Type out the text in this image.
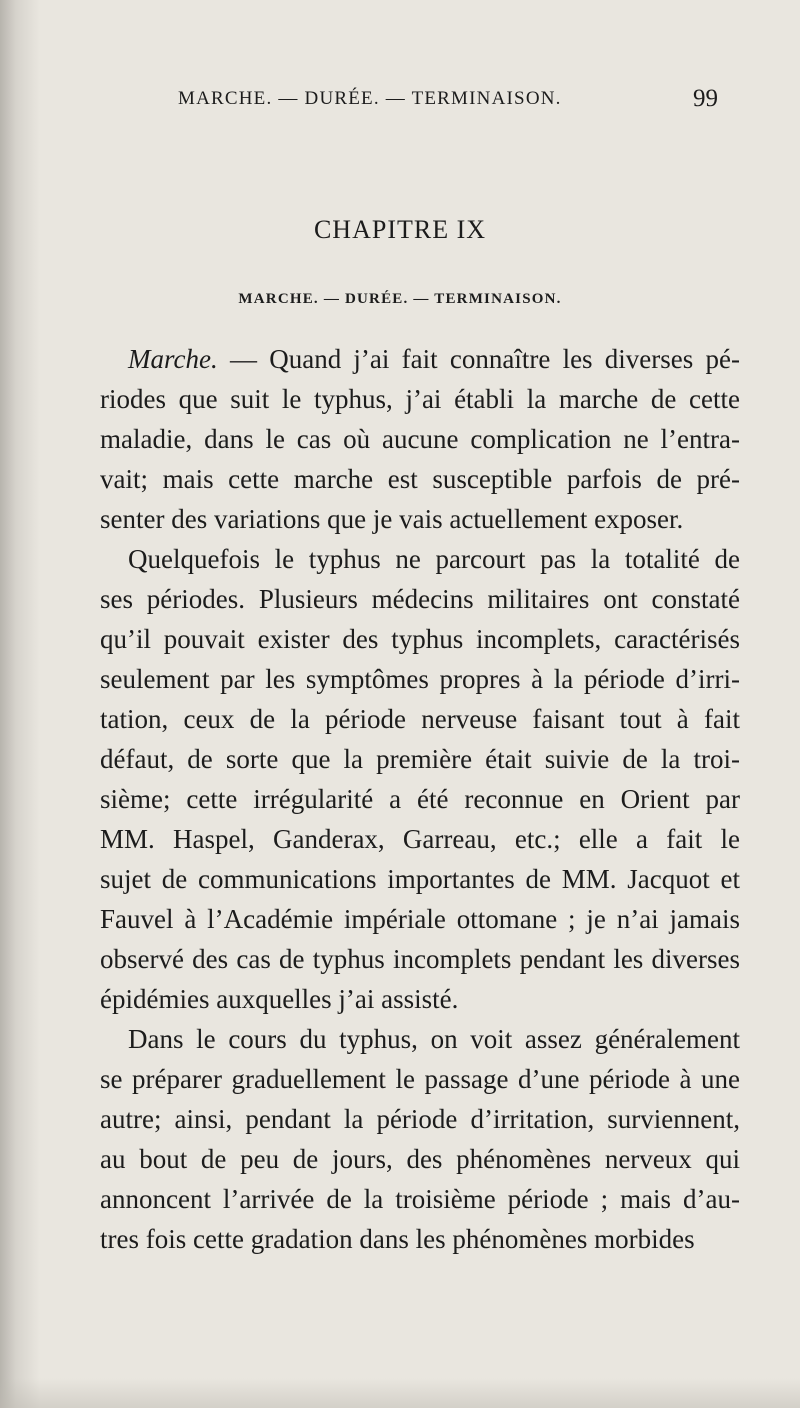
MARCHE. — DURÉE. — TERMINAISON.	99
CHAPITRE IX
MARCHE. — DURÉE. — TERMINAISON.
Marche. — Quand j’ai fait connaître les diverses pé-
riodes que suit le typhus, j’ai établi la marche de cette
maladie, dans le cas où aucune complication ne l’entra-
vait; mais cette marche est susceptible parfois de pré-
senter des variations que je vais actuellement exposer.
Quelquefois le typhus ne parcourt pas la totalité de
ses périodes. Plusieurs médecins militaires ont constaté
qu’il pouvait exister des typhus incomplets, caractérisés
seulement par les symptômes propres à la période d’irri-
tation, ceux de la période nerveuse faisant tout à fait
défaut, de sorte que la première était suivie de la troi-
sième; cette irrégularité a été reconnue en Orient par
MM. Haspel, Ganderax, Garreau, etc.; elle a fait le
sujet de communications importantes de MM. Jacquot et
Fauvel à l’Académie impériale ottomane ; je n’ai jamais
observé des cas de typhus incomplets pendant les diverses
épidémies auxquelles j’ai assisté.
Dans le cours du typhus, on voit assez généralement
se préparer graduellement le passage d’une période à une
autre; ainsi, pendant la période d’irritation, surviennent,
au bout de peu de jours, des phénomènes nerveux qui
annoncent l’arrivée de la troisième période ; mais d’au-
tres fois cette gradation dans les phénomènes morbides
